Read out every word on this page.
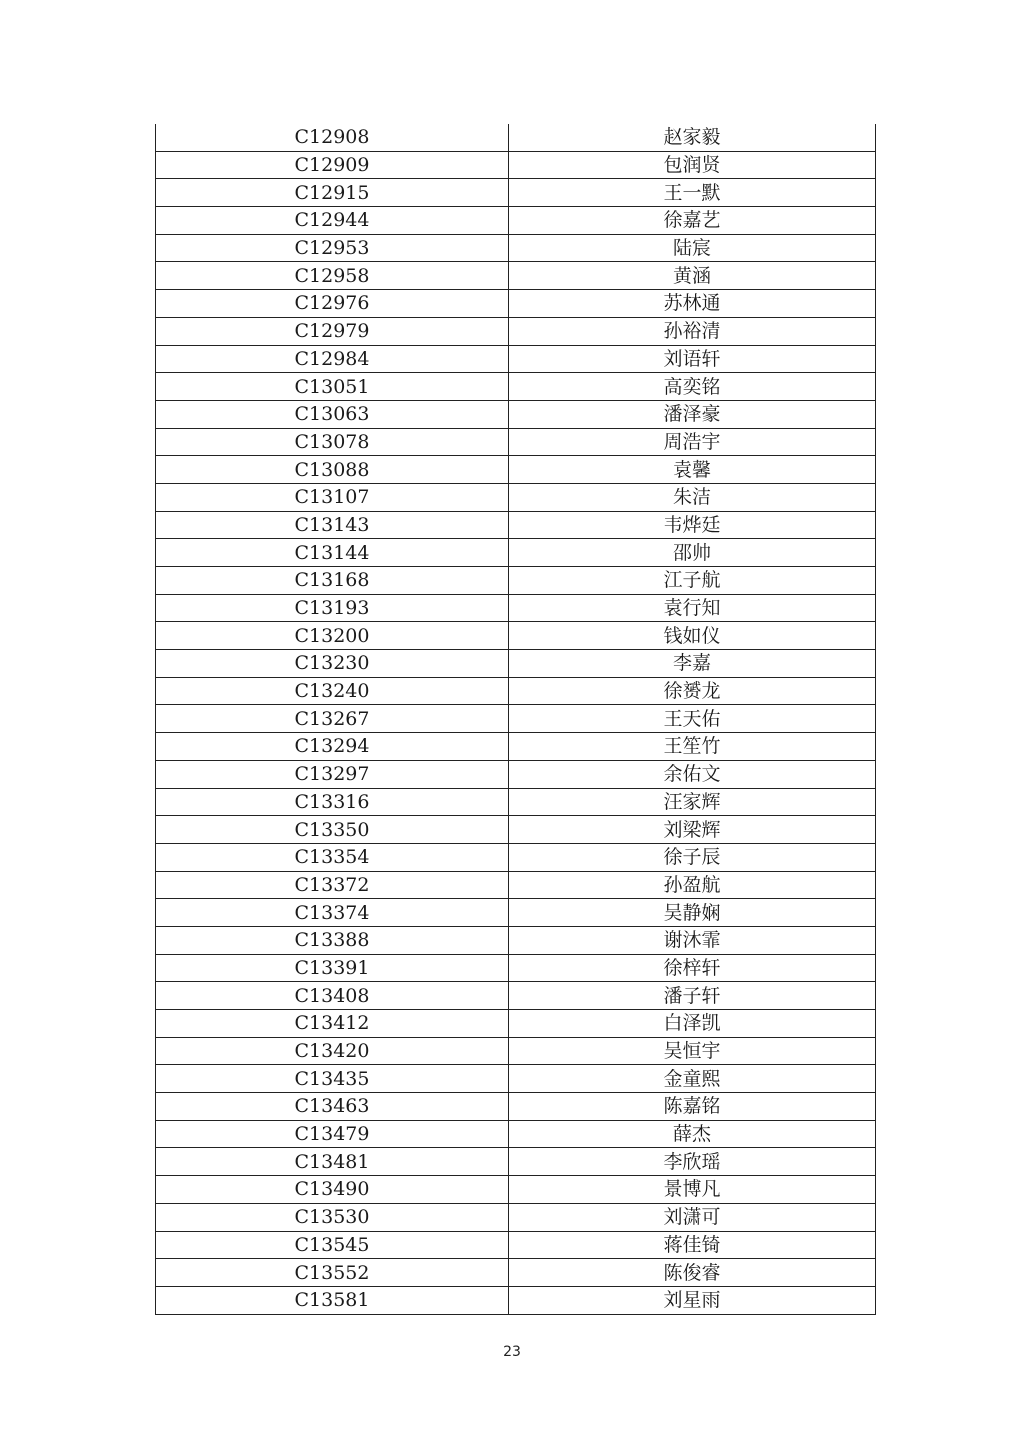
C12908	赵家毅
C12909	包润贤
C12915	王一默
C12944	徐嘉艺
C12953	陆宸
C12958	黄涵
C12976	苏林通
C12979	孙裕清
C12984	刘语轩
C13051	高奕铭
C13063	潘泽豪
C13078	周浩宇
C13088	袁馨
C13107	朱洁
C13143	韦烨廷
C13144	邵帅
C13168	江子航
C13193	袁行知
C13200	钱如仪
C13230	李嘉
C13240	徐赟龙
C13267	王天佑
C13294	王笙竹
C13297	余佑文
C13316	汪家辉
C13350	刘梁辉
C13354	徐子辰
C13372	孙盈航
C13374	吴静娴
C13388	谢沐霏
C13391	徐梓轩
C13408	潘子轩
C13412	白泽凯
C13420	吴恒宇
C13435	金童熙
C13463	陈嘉铭
C13479	薛杰
C13481	李欣瑶
C13490	景博凡
C13530	刘潇可
C13545	蒋佳锜
C13552	陈俊睿
C13581	刘星雨
23
